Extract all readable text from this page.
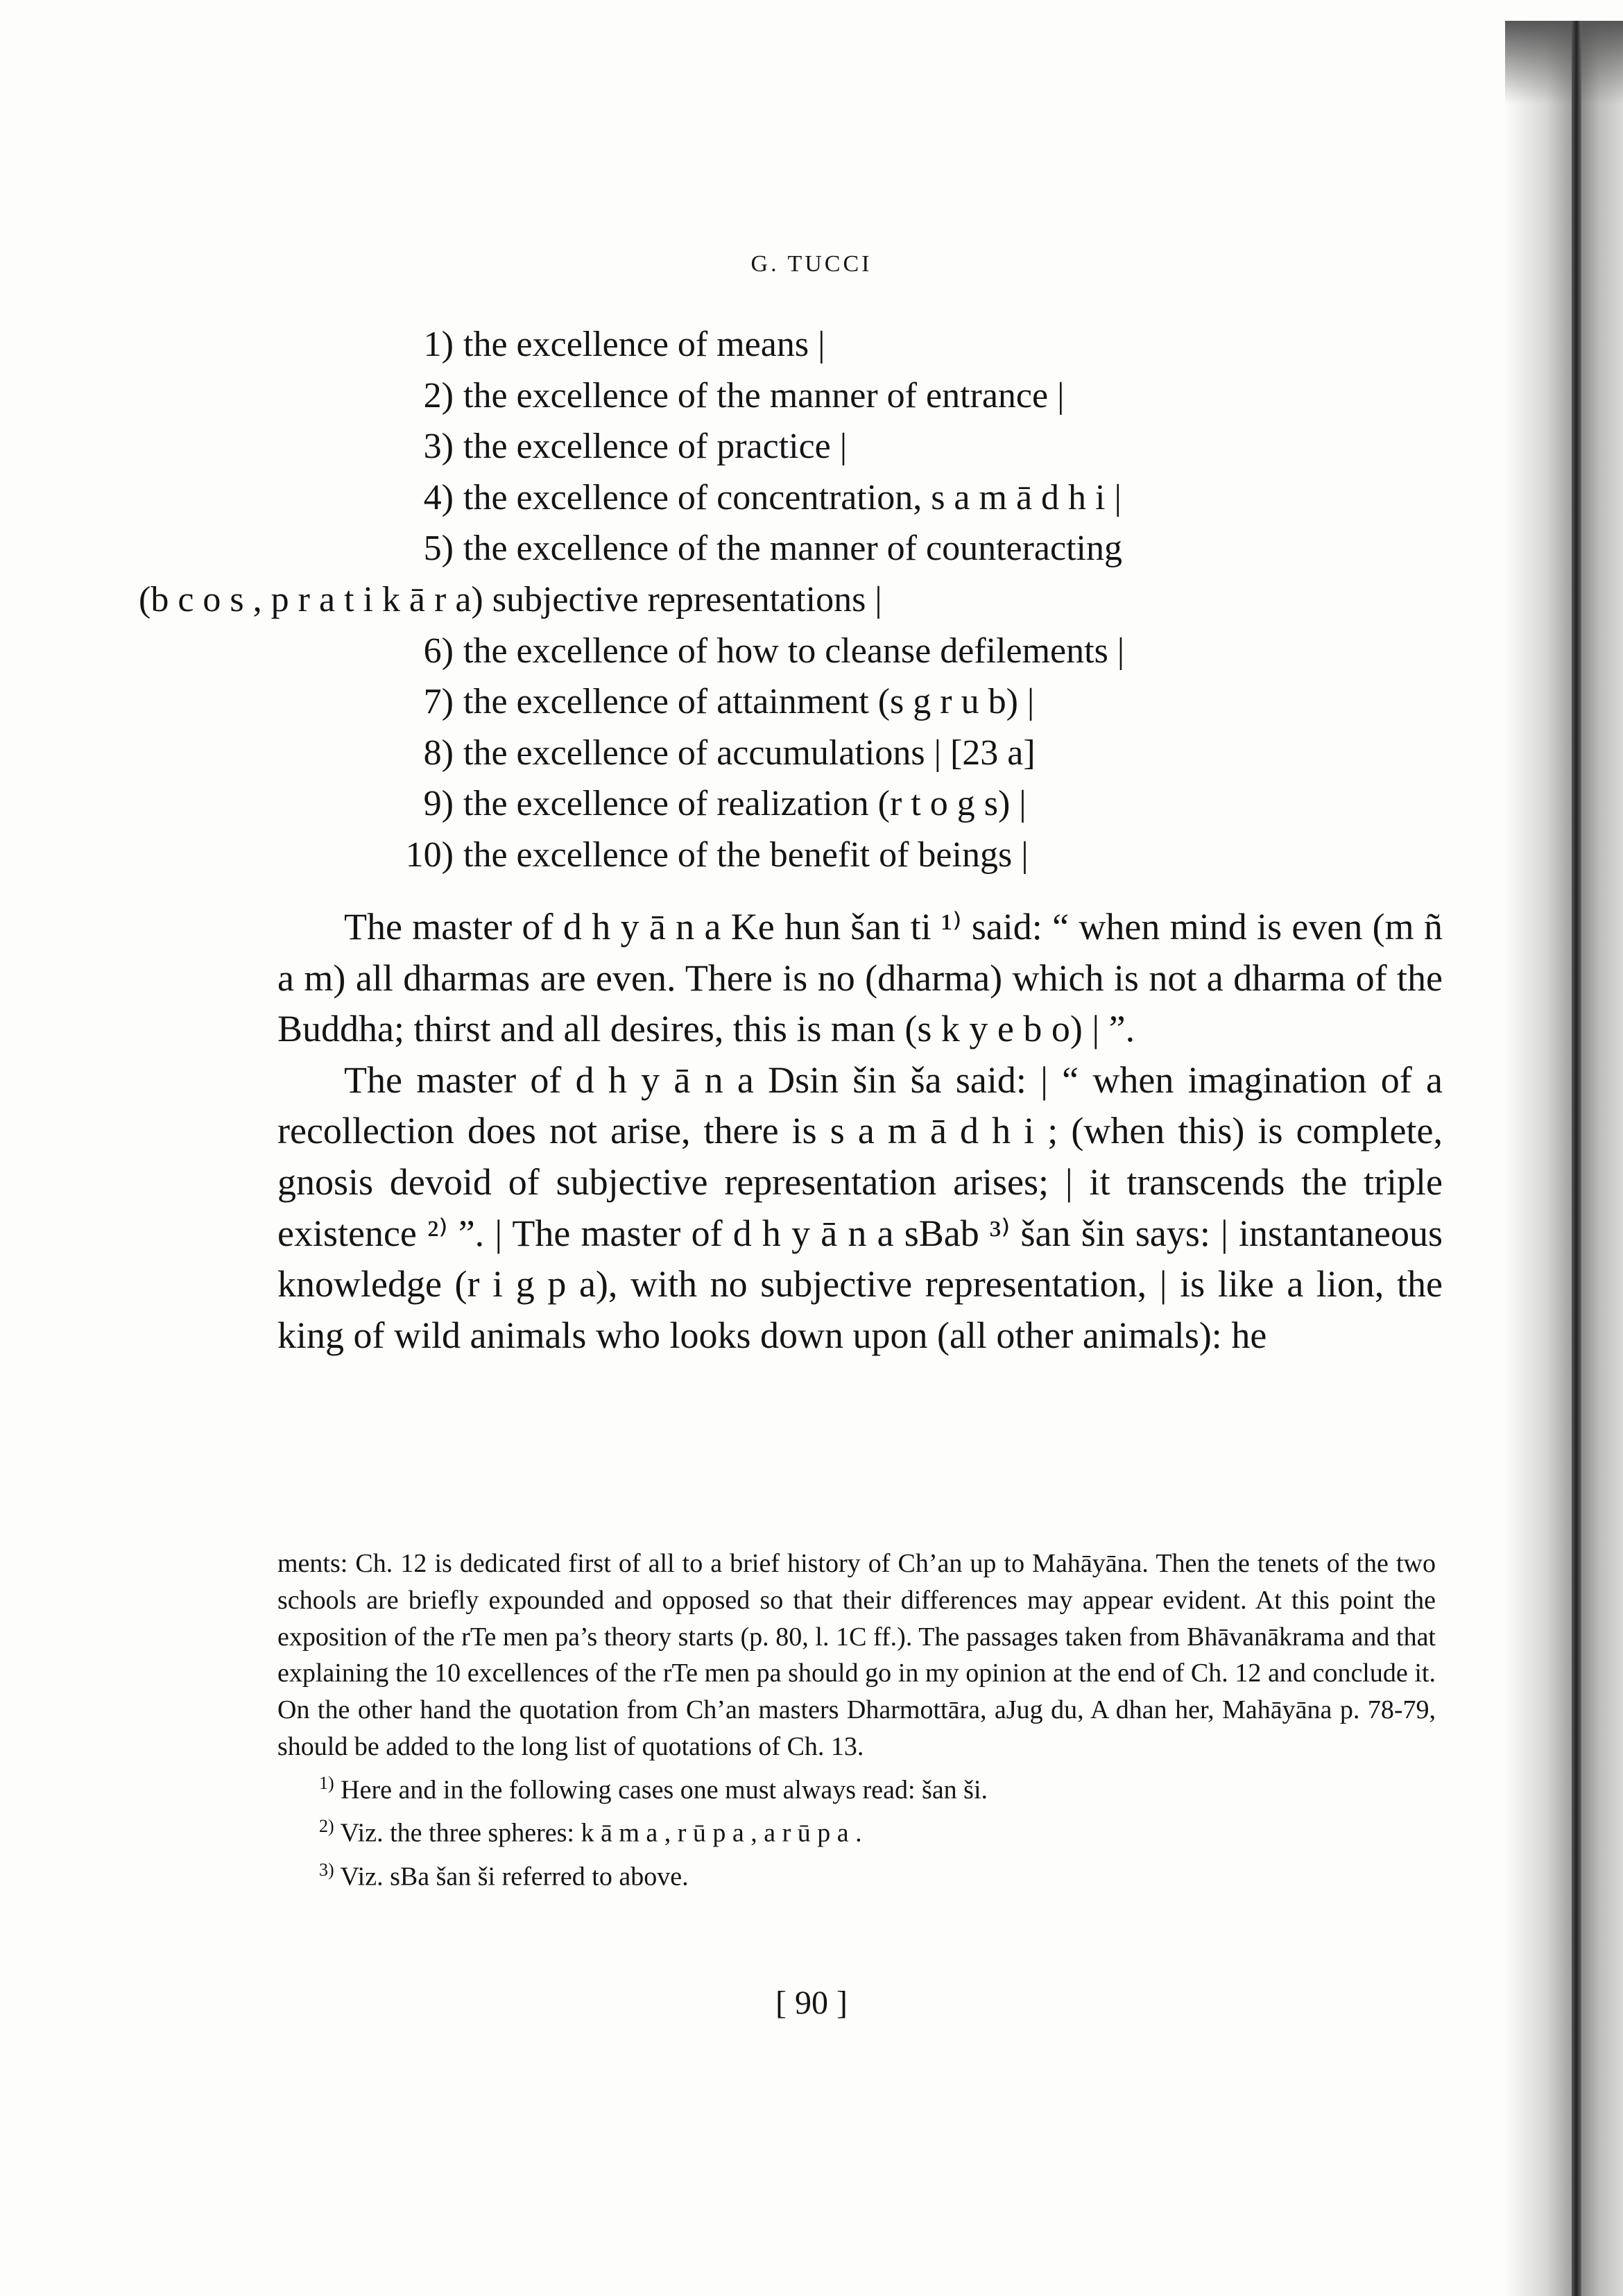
G. TUCCI
1) the excellence of means |
2) the excellence of the manner of entrance |
3) the excellence of practice |
4) the excellence of concentration, s a m ā d h i |
5) the excellence of the manner of counteracting
(b c o s , p r a t i k ā r a) subjective representations |
6) the excellence of how to cleanse defilements |
7) the excellence of attainment (s g r u b) |
8) the excellence of accumulations | [23 a]
9) the excellence of realization (r t o g s) |
10) the excellence of the benefit of beings |

The master of d h y ā n a Ke hun šan ti ¹⁾ said: “ when mind is even (m ñ a m) all dharmas are even. There is no (dharma) which is not a dharma of the Buddha; thirst and all desires, this is man (s k y e b o) | ”.

The master of d h y ā n a Dsin šin ša said: | “ when imagination of a recollection does not arise, there is s a m ā d h i ; (when this) is complete, gnosis devoid of subjective representation arises; | it transcends the triple existence ²⁾ ”. | The master of d h y ā n a sBab ³⁾ šan šin says: | instantaneous knowledge (r i g p a), with no subjective representation, | is like a lion, the king of wild animals who looks down upon (all other animals): he

ments: Ch. 12 is dedicated first of all to a brief history of Ch’an up to Mahāyāna. Then the tenets of the two schools are briefly expounded and opposed so that their differences may appear evident. At this point the exposition of the rTe men pa’s theory starts (p. 80, l. 1C ff.). The passages taken from Bhāvanākrama and that explaining the 10 excellences of the rTe men pa should go in my opinion at the end of Ch. 12 and conclude it. On the other hand the quotation from Ch’an masters Dharmottāra, aJug du, A dhan her, Mahāyāna p. 78-79, should be added to the long list of quotations of Ch. 13.

$^{1)}$ Here and in the following cases one must always read: šan ši.

$^{2)}$ Viz. the three spheres: k ā m a , r ū p a , a r ū p a .

$^{3)}$ Viz. sBa šan ši referred to above.

[ 90 ]
